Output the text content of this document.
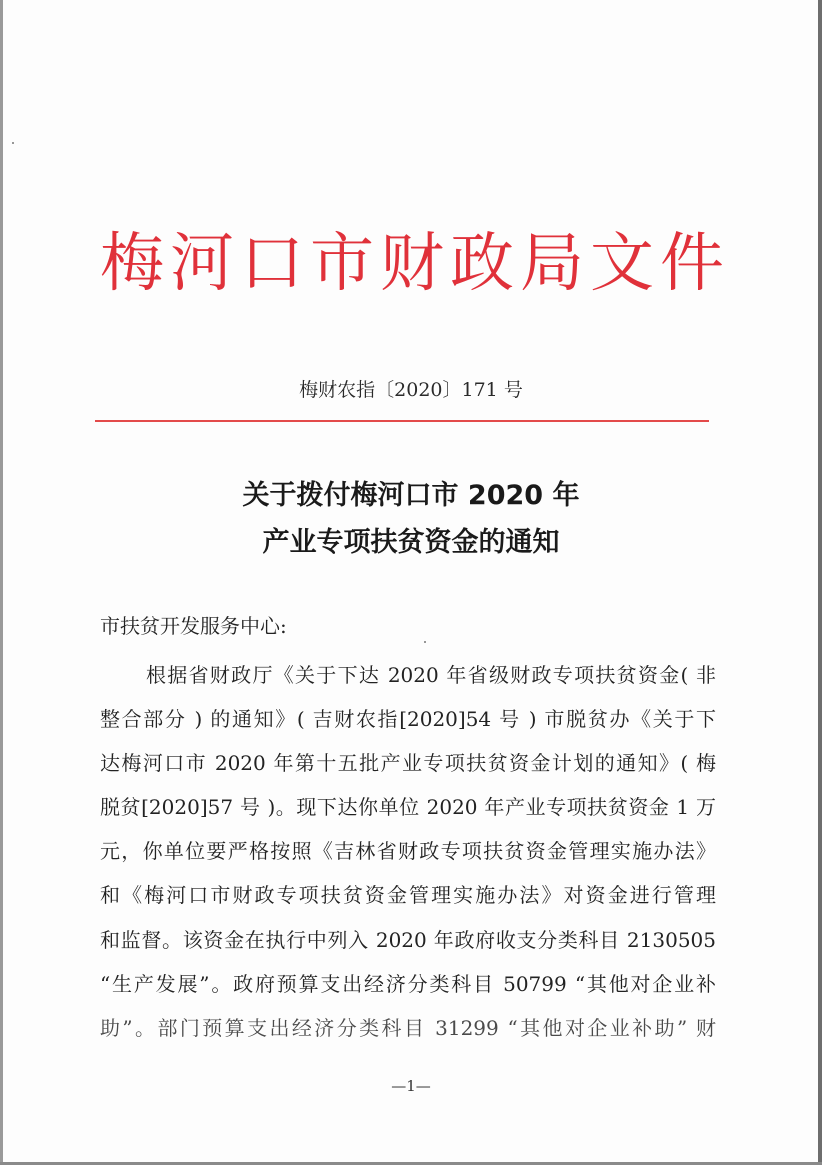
梅河口市财政局文件
梅财农指〔2020〕171 号
关于拨付梅河口市 2020 年
产业专项扶贫资金的通知
市扶贫开发服务中心:
根据省财政厅《关于下达 2020 年省级财政专项扶贫资金( 非
整合部分 ) 的通知》( 吉财农指[2020]54 号 ) 市脱贫办《关于下
达梅河口市 2020 年第十五批产业专项扶贫资金计划的通知》( 梅
脱贫[2020]57 号 )。现下达你单位 2020 年产业专项扶贫资金 1 万
元，你单位要严格按照《吉林省财政专项扶贫资金管理实施办法》
和《梅河口市财政专项扶贫资金管理实施办法》对资金进行管理
和监督。该资金在执行中列入 2020 年政府收支分类科目 2130505
“生产发展”。政府预算支出经济分类科目 50799 “其他对企业补
助”。部门预算支出经济分类科目 31299 “其他对企业补助” 财
—1—
